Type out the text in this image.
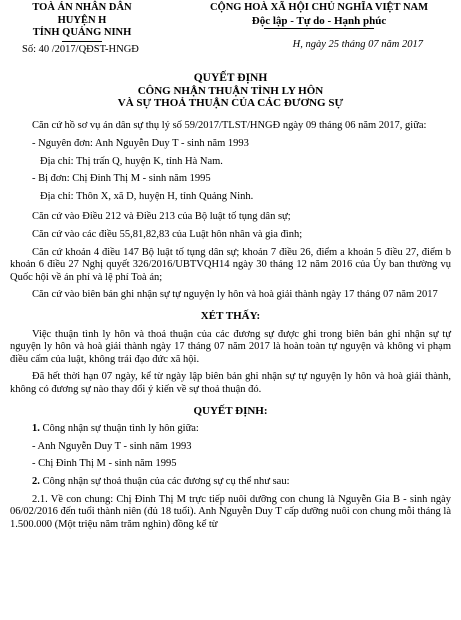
TOÀ ÁN NHÂN DÂN
HUYỆN H
TỈNH QUẢNG NINH
Số: 40 /2017/QĐST-HNGĐ
CỘNG HOÀ XÃ HỘI CHỦ NGHĨA VIỆT NAM
Độc lập - Tự do - Hạnh phúc
H, ngày 25 tháng 07 năm 2017
QUYẾT ĐỊNH
CÔNG NHẬN THUẬN TÌNH LY HÔN
VÀ SỰ THOẢ THUẬN CỦA CÁC ĐƯƠNG SỰ

Căn cứ hồ sơ vụ án dân sự thụ lý số 59/2017/TLST/HNGĐ ngày 09 tháng 06 năm 2017, giữa:

- Nguyên đơn: Anh Nguyễn Duy T - sinh năm 1993

Địa chỉ: Thị trấn Q, huyện K, tỉnh Hà Nam.

- Bị đơn: Chị Đinh Thị M - sinh năm 1995

Địa chỉ: Thôn X, xã D, huyện H, tỉnh Quảng Ninh.

Căn cứ vào Điều 212 và Điều 213 của Bộ luật tố tụng dân sự;

Căn cứ vào các điều 55,81,82,83 của Luật hôn nhân và gia đình;

Căn cứ khoản 4 điều 147 Bộ luật tố tụng dân sự; khoản 7 điều 26, điểm a khoản 5 điều 27, điểm b khoản 6 điều 27 Nghị quyết 326/2016/UBTVQH14 ngày 30 tháng 12 năm 2016 của Ủy ban thường vụ Quốc hội về án phí và lệ phí Toà án;

Căn cứ vào biên bản ghi nhận sự tự nguyện ly hôn và hoà giải thành ngày 17 tháng 07 năm 2017

XÉT THẤY:

Việc thuận tình ly hôn và thoả thuận của các đương sự được ghi trong biên bản ghi nhận sự tự nguyện ly hôn và hoà giải thành ngày 17 tháng 07 năm 2017 là hoàn toàn tự nguyện và không vi phạm điều cấm của luật, không trái đạo đức xã hội.

Đã hết thời hạn 07 ngày, kể từ ngày lập biên bản ghi nhận sự tự nguyện ly hôn và hoà giải thành, không có đương sự nào thay đổi ý kiến về sự thoả thuận đó.

QUYẾT ĐỊNH:

1. Công nhận sự thuận tình ly hôn giữa:

- Anh Nguyễn Duy T - sinh năm 1993

- Chị Đinh Thị M - sinh năm 1995

2. Công nhận sự thoả thuận của các đương sự cụ thể như sau:

2.1. Về con chung: Chị Đinh Thị M trực tiếp nuôi dưỡng con chung là Nguyễn Gia B - sinh ngày 06/02/2016 đến tuổi thành niên (đủ 18 tuổi). Anh Nguyễn Duy T cấp dưỡng nuôi con chung mỗi tháng là 1.500.000 (Một triệu năm trăm nghìn) đồng kể từ
